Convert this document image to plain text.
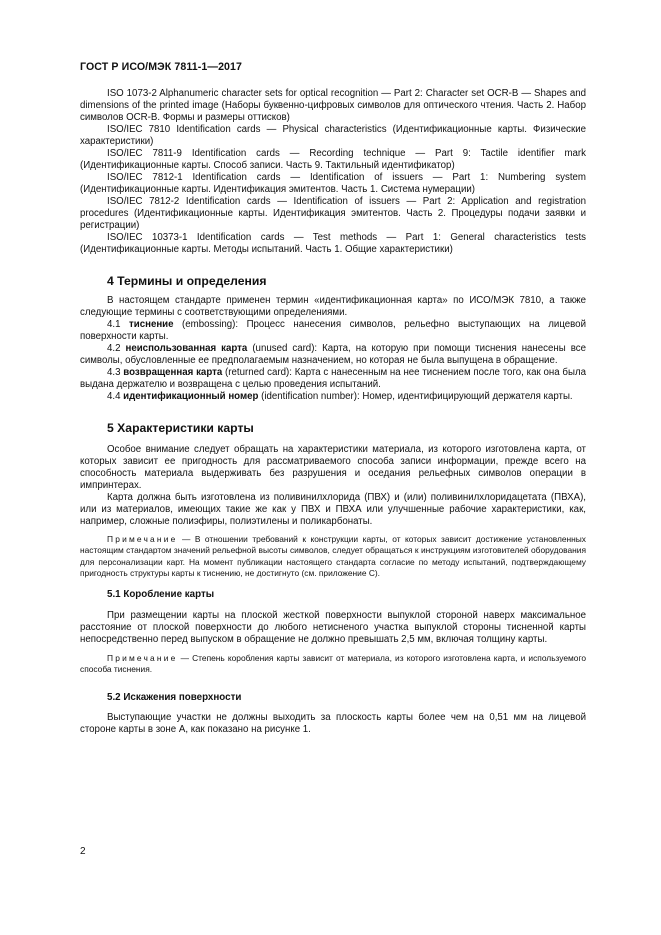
ГОСТ Р ИСО/МЭК 7811-1—2017

ISO 1073-2 Alphanumeric character sets for optical recognition — Part 2: Character set OCR-B — Shapes and dimensions of the printed image (Наборы буквенно-цифровых символов для оптического чтения. Часть 2. Набор символов OCR-B. Формы и размеры оттисков)

ISO/IEC 7810 Identification cards — Physical characteristics (Идентификационные карты. Физические характеристики)

ISO/IEC 7811-9 Identification cards — Recording technique — Part 9: Tactile identifier mark (Идентификационные карты. Способ записи. Часть 9. Тактильный идентификатор)

ISO/IEC 7812-1 Identification cards — Identification of issuers — Part 1: Numbering system (Идентификационные карты. Идентификация эмитентов. Часть 1. Система нумерации)

ISO/IEC 7812-2 Identification cards — Identification of issuers — Part 2: Application and registration procedures (Идентификационные карты. Идентификация эмитентов. Часть 2. Процедуры подачи заявки и регистрации)

ISO/IEC 10373-1 Identification cards — Test methods — Part 1: General characteristics tests (Идентификационные карты. Методы испытаний. Часть 1. Общие характеристики)

4 Термины и определения

В настоящем стандарте применен термин «идентификационная карта» по ИСО/МЭК 7810, а также следующие термины с соответствующими определениями.

4.1 тиснение (embossing): Процесс нанесения символов, рельефно выступающих на лицевой поверхности карты.

4.2 неиспользованная карта (unused card): Карта, на которую при помощи тиснения нанесены все символы, обусловленные ее предполагаемым назначением, но которая не была выпущена в обращение.

4.3 возвращенная карта (returned card): Карта с нанесенным на нее тиснением после того, как она была выдана держателю и возвращена с целью проведения испытаний.

4.4 идентификационный номер (identification number): Номер, идентифицирующий держателя карты.

5 Характеристики карты

Особое внимание следует обращать на характеристики материала, из которого изготовлена карта, от которых зависит ее пригодность для рассматриваемого способа записи информации, прежде всего на способность материала выдерживать без разрушения и оседания рельефных символов операции в импринтерах.

Карта должна быть изготовлена из поливинилхлорида (ПВХ) и (или) поливинилхлоридацетата (ПВХА), или из материалов, имеющих такие же как у ПВХ и ПВХА или улучшенные рабочие характеристики, как, например, сложные полиэфиры, полиэтилены и поликарбонаты.

Примечание — В отношении требований к конструкции карты, от которых зависит достижение установленных настоящим стандартом значений рельефной высоты символов, следует обращаться к инструкциям изготовителей оборудования для персонализации карт. На момент публикации настоящего стандарта согласие по методу испытаний, подтверждающему пригодность структуры карты к тиснению, не достигнуто (см. приложение С).

5.1 Коробление карты

При размещении карты на плоской жесткой поверхности выпуклой стороной наверх максимальное расстояние от плоской поверхности до любого нетисненого участка выпуклой стороны тисненной карты непосредственно перед выпуском в обращение не должно превышать 2,5 мм, включая толщину карты.

Примечание — Степень коробления карты зависит от материала, из которого изготовлена карта, и используемого способа тиснения.

5.2 Искажения поверхности

Выступающие участки не должны выходить за плоскость карты более чем на 0,51 мм на лицевой стороне карты в зоне А, как показано на рисунке 1.

2
